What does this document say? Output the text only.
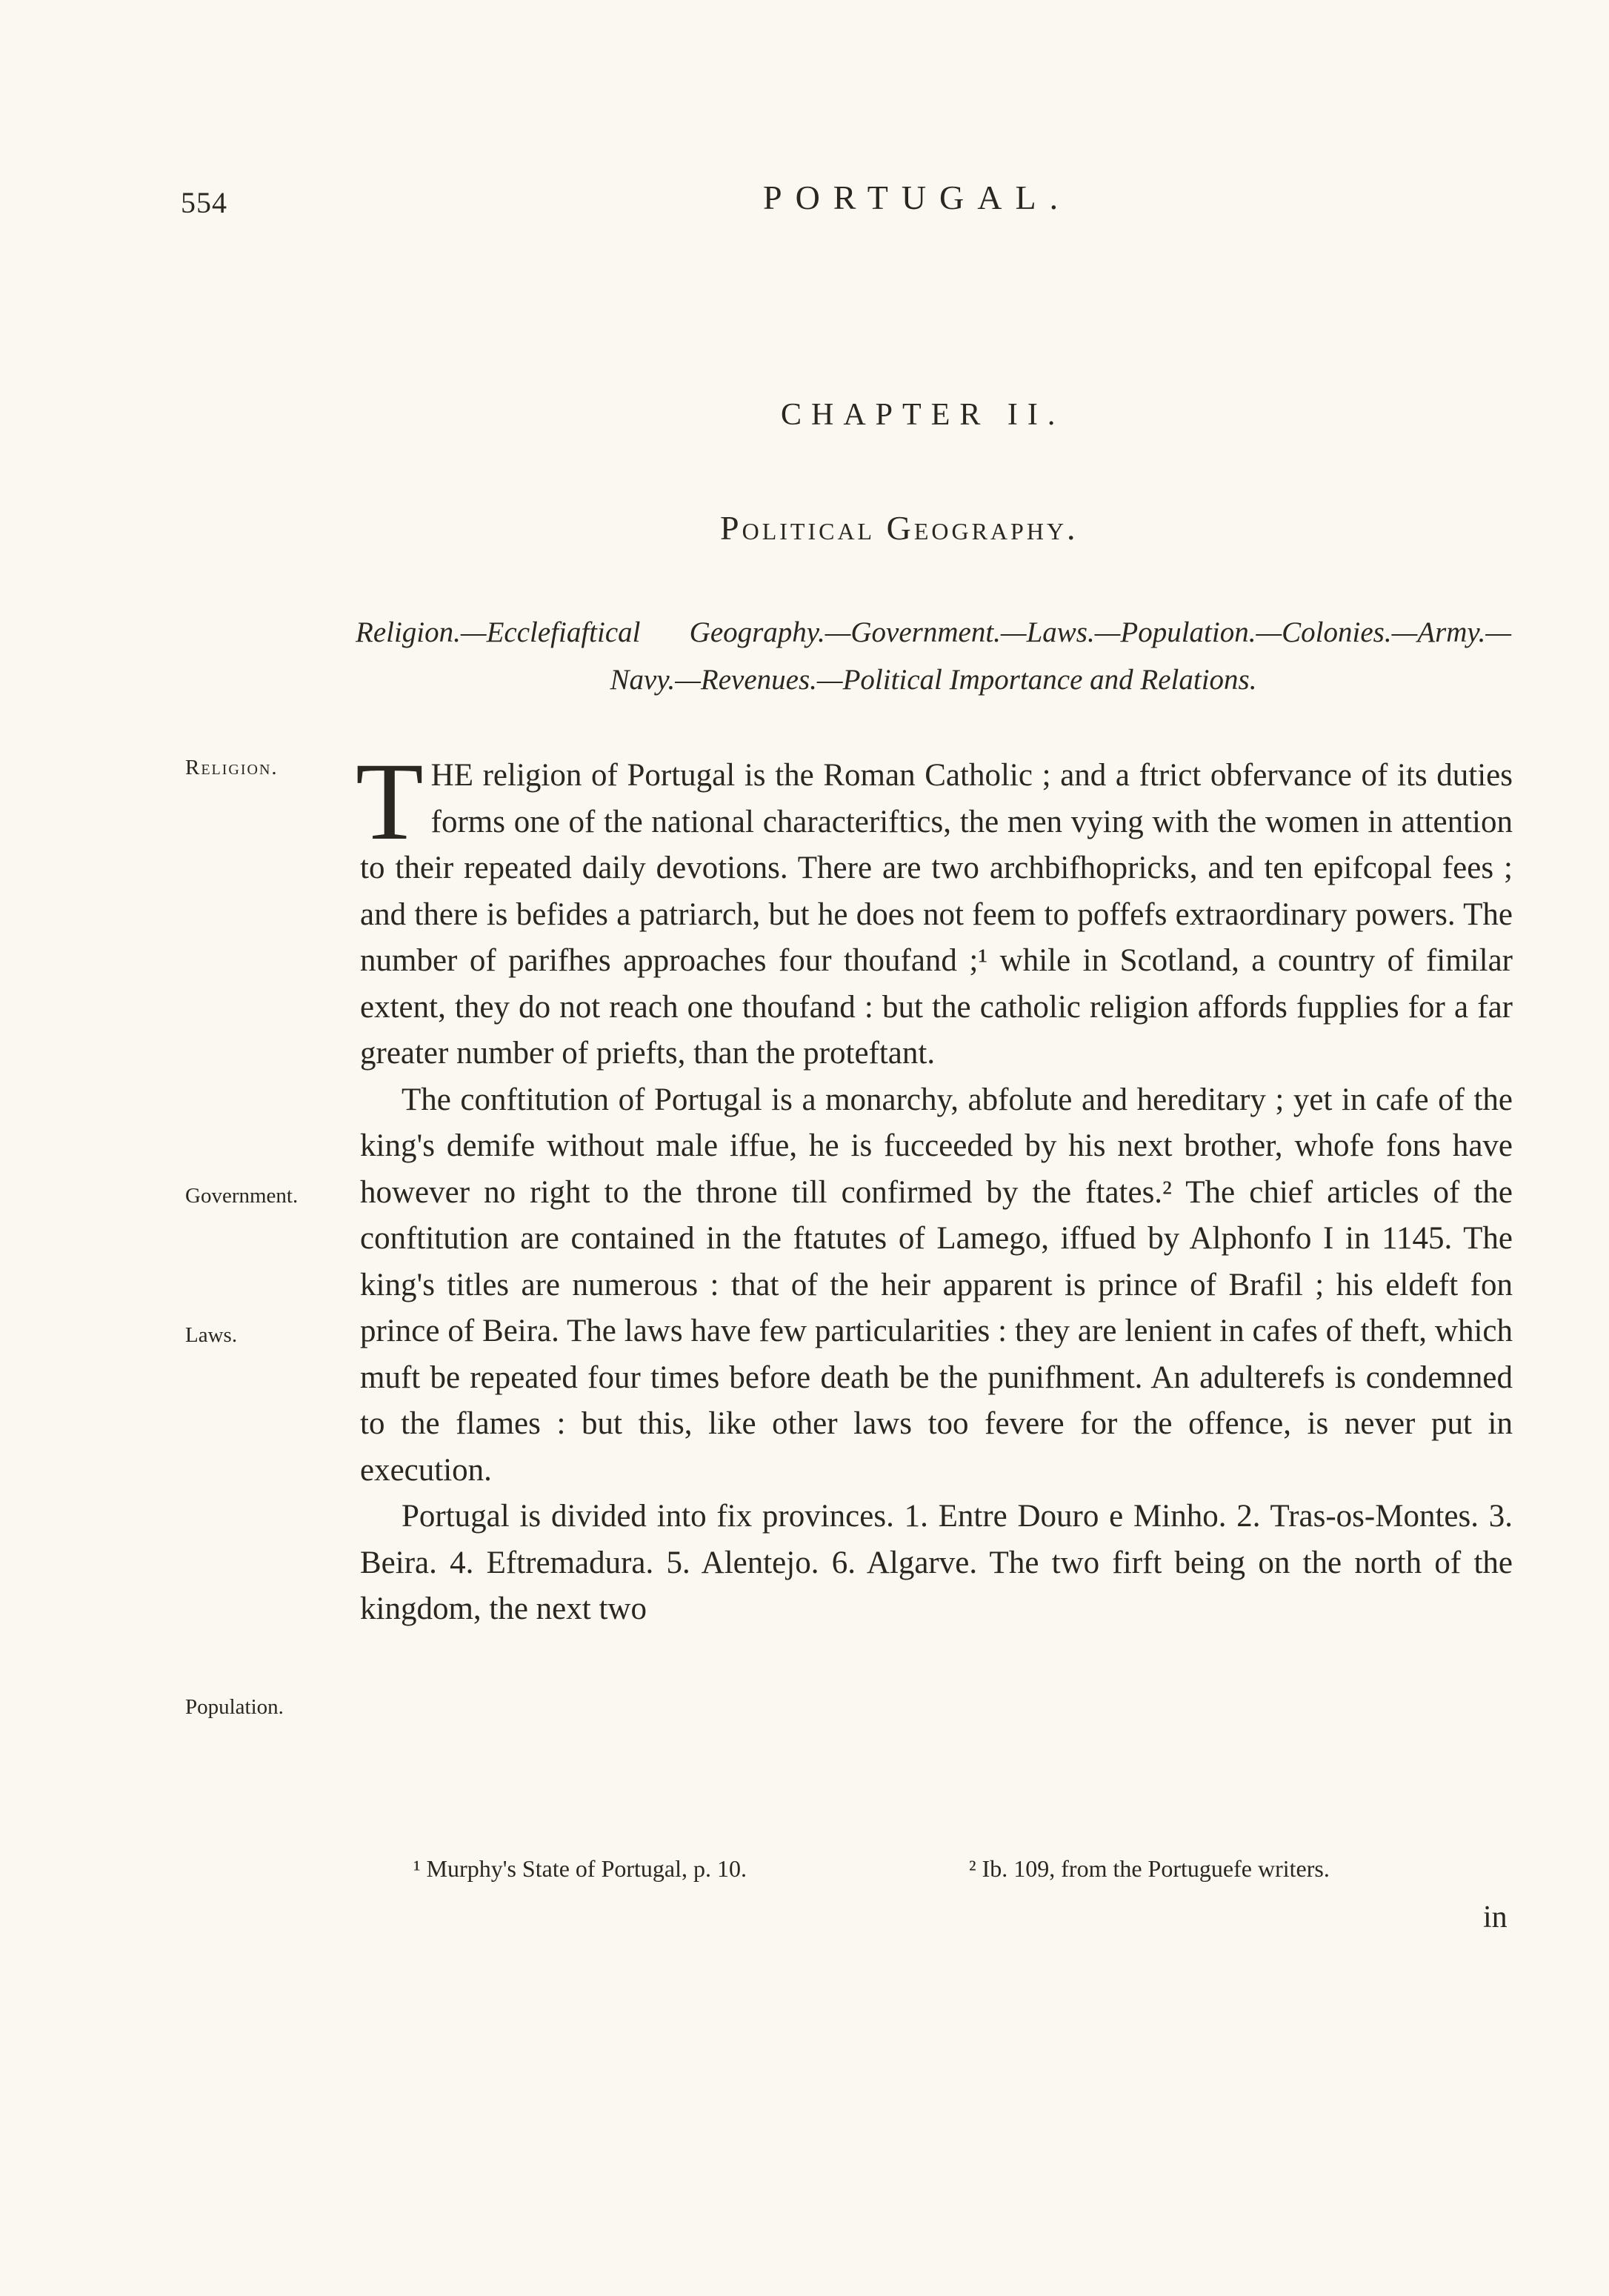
554	PORTUGAL.
CHAPTER II.
Political Geography.
Religion.—Ecclefiaftical Geography.—Government.—Laws.—Population.—Colonies.—Army.—Navy.—Revenues.—Political Importance and Relations.
Religion.
Government.
Laws.
Population.

THE religion of Portugal is the Roman Catholic ; and a ftrict obfervance of its duties forms one of the national characteriftics, the men vying with the women in attention to their repeated daily devotions. There are two archbifhopricks, and ten epifcopal fees ; and there is befides a patriarch, but he does not feem to poffefs extraordinary powers. The number of parifhes approaches four thoufand ;¹ while in Scotland, a country of fimilar extent, they do not reach one thoufand : but the catholic religion affords fupplies for a far greater number of priefts, than the proteftant.

The conftitution of Portugal is a monarchy, abfolute and hereditary ; yet in cafe of the king's demife without male iffue, he is fucceeded by his next brother, whofe fons have however no right to the throne till confirmed by the ftates.² The chief articles of the conftitution are contained in the ftatutes of Lamego, iffued by Alphonfo I in 1145. The king's titles are numerous : that of the heir apparent is prince of Brafil ; his eldeft fon prince of Beira. The laws have few particularities : they are lenient in cafes of theft, which muft be repeated four times before death be the punifhment. An adulterefs is condemned to the flames : but this, like other laws too fevere for the offence, is never put in execution.

Portugal is divided into fix provinces. 1. Entre Douro e Minho. 2. Tras-os-Montes. 3. Beira. 4. Eftremadura. 5. Alentejo. 6. Algarve. The two firft being on the north of the kingdom, the next two

¹ Murphy's State of Portugal, p. 10.	² Ib. 109, from the Portuguefe writers.
in
